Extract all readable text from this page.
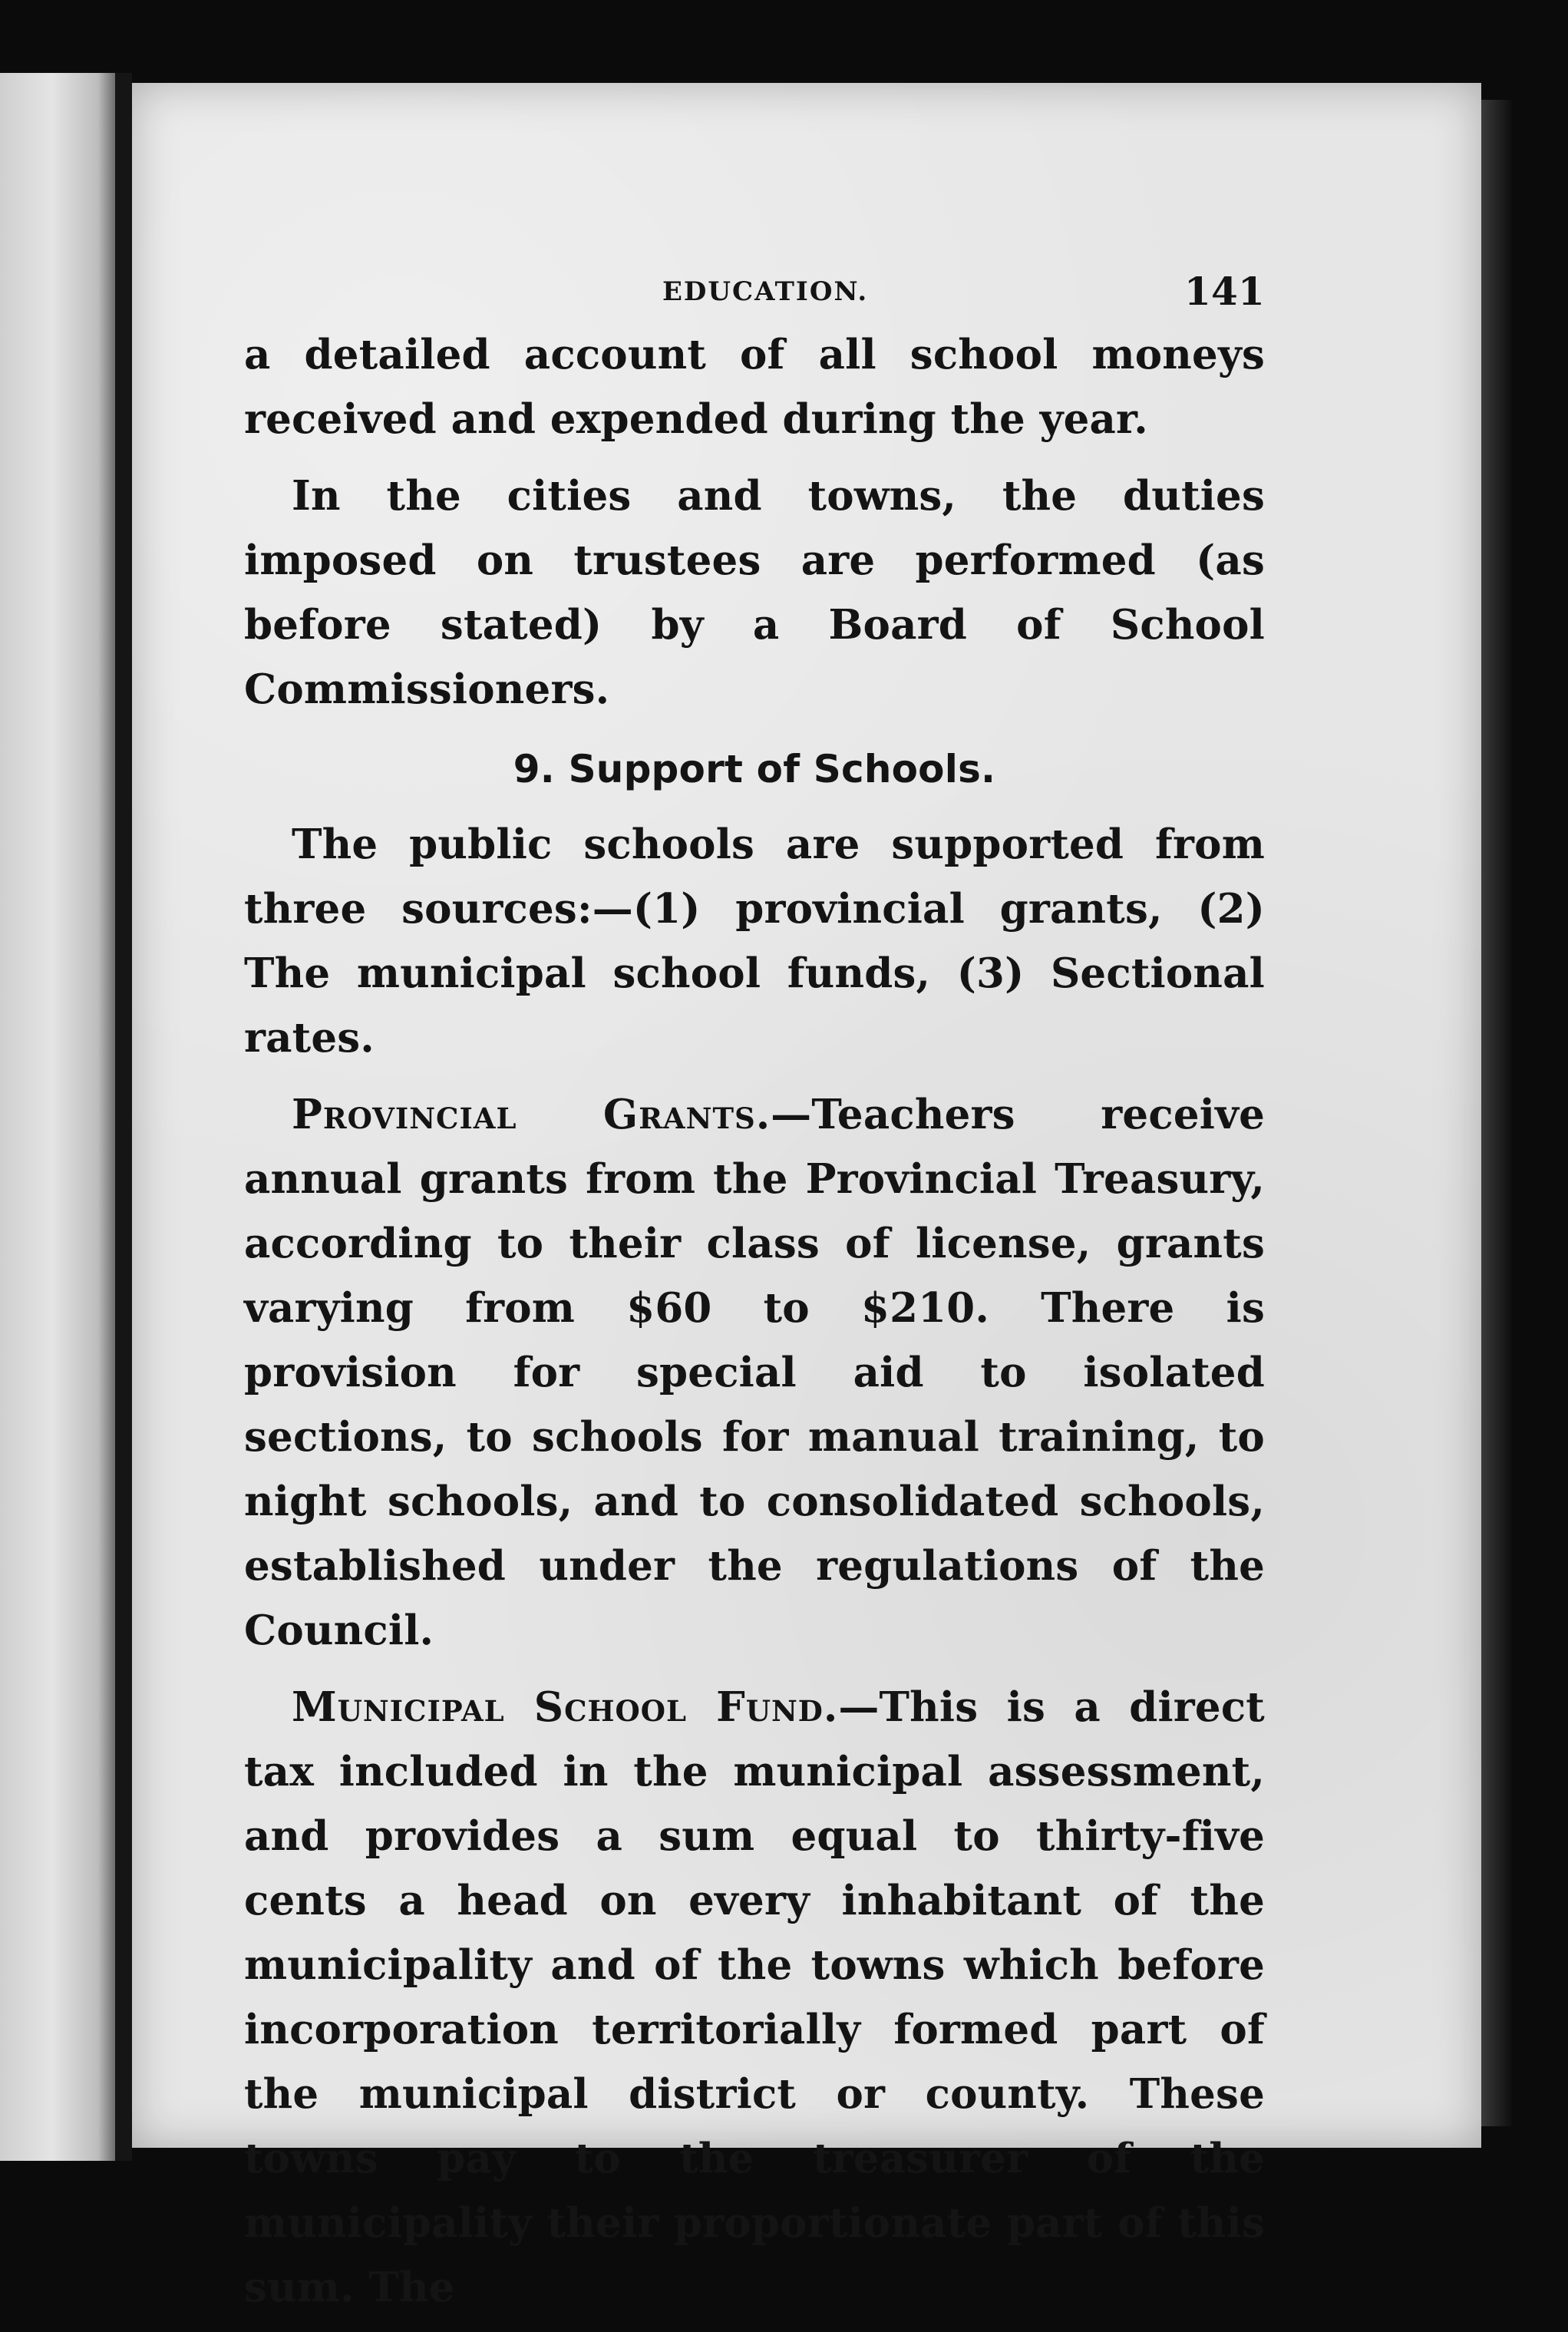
EDUCATION.	141

a detailed account of all school moneys received and expended during the year.

In the cities and towns, the duties imposed on trustees are performed (as before stated) by a Board of School Commissioners.

9. Support of Schools.

The public schools are supported from three sources:—(1) provincial grants, (2) The municipal school funds, (3) Sectional rates.

Provincial Grants.—Teachers receive annual grants from the Provincial Treasury, according to their class of license, grants varying from $60 to $210. There is provision for special aid to isolated sections, to schools for manual training, to night schools, and to consolidated schools, established under the regulations of the Council.

Municipal School Fund.—This is a direct tax included in the municipal assessment, and provides a sum equal to thirty-five cents a head on every inhabitant of the municipality and of the towns which before incorporation territorially formed part of the municipal district or county. These towns pay to the treasurer of the municipality their proportionate part of this sum. The
